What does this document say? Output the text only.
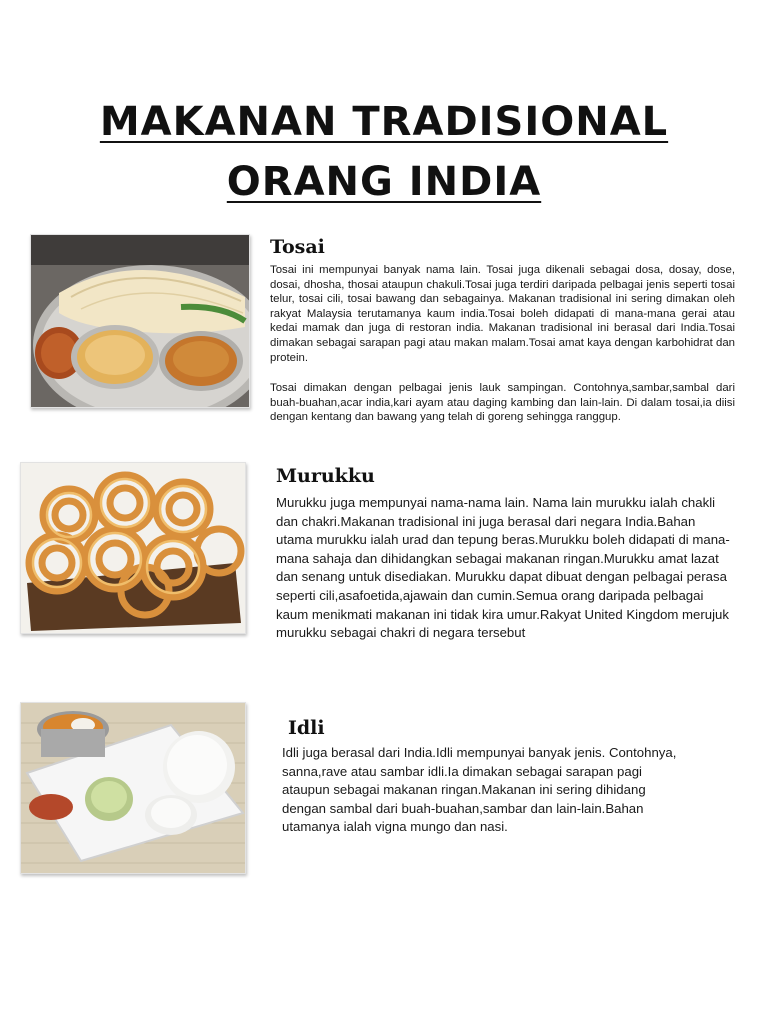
MAKANAN TRADISIONAL
ORANG INDIA
Tosai

Tosai ini mempunyai banyak nama lain. Tosai juga dikenali sebagai dosa, dosay, dose, dosai, dhosha, thosai ataupun chakuli.Tosai juga terdiri daripada pelbagai jenis seperti tosai telur, tosai cili, tosai bawang dan sebagainya. Makanan tradisional ini sering dimakan oleh rakyat Malaysia terutamanya kaum india.Tosai boleh didapati di mana-mana gerai atau kedai mamak dan juga di restoran india. Makanan tradisional ini berasal dari India.Tosai dimakan sebagai sarapan pagi atau makan malam.Tosai amat kaya dengan karbohidrat dan protein.

Tosai dimakan dengan pelbagai jenis lauk sampingan. Contohnya,sambar,sambal dari buah-buahan,acar india,kari ayam atau daging kambing dan lain-lain. Di dalam tosai,ia diisi dengan kentang dan bawang yang telah di goreng sehingga ranggup.

Murukku

Murukku juga mempunyai nama-nama lain. Nama lain murukku ialah chakli dan chakri.Makanan tradisional ini juga berasal dari negara India.Bahan utama murukku ialah urad dan tepung beras.Murukku boleh didapati di mana-mana sahaja dan dihidangkan sebagai makanan ringan.Murukku amat lazat dan senang untuk disediakan. Murukku dapat dibuat dengan pelbagai perasa seperti cili,asafoetida,ajawain dan cumin.Semua orang daripada pelbagai kaum menikmati makanan ini tidak kira umur.Rakyat United Kingdom merujuk murukku sebagai chakri di negara tersebut

Idli

Idli juga berasal dari India.Idli mempunyai banyak jenis. Contohnya, sanna,rave atau sambar idli.Ia dimakan sebagai sarapan pagi ataupun sebagai makanan ringan.Makanan ini sering dihidang dengan sambal dari buah-buahan,sambar dan lain-lain.Bahan utamanya ialah vigna mungo dan nasi.
